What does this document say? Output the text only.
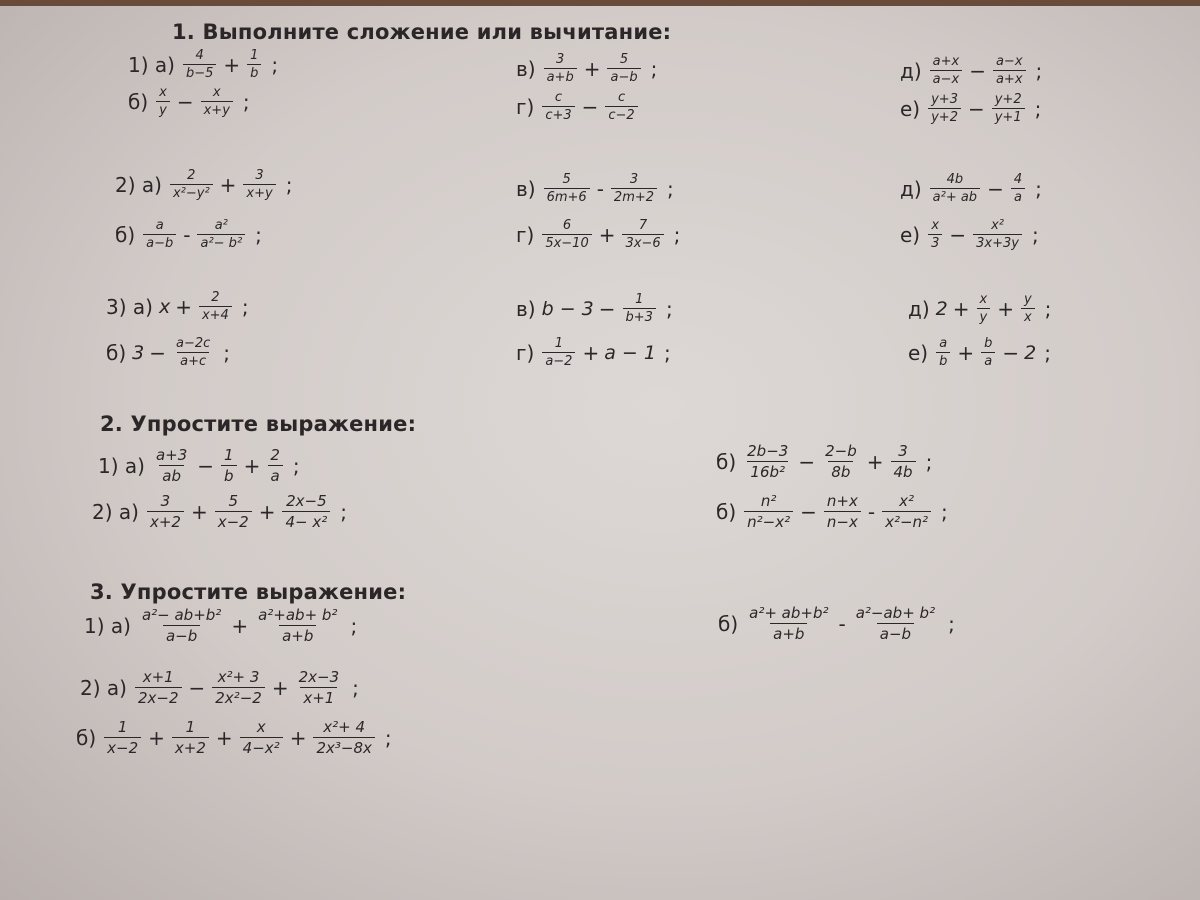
1. Выполните сложение или вычитание:
1) $а) \frac{4}{b-5} + \frac{1}{b}$ ;
$б) \frac{x}{y} - \frac{x}{x+y}$ ;
$в) \frac{3}{a+b} + \frac{5}{a-b}$ ;
$г) \frac{c}{c+3} - \frac{c}{c-2}$
$д) \frac{a+x}{a-x} - \frac{a-x}{a+x}$ ;
$е) \frac{y+3}{y+2} - \frac{y+2}{y+1}$ ;
2) $а) \frac{2}{\text{x²−y²}} + \frac{3}{x+y}$ ;
$б) \frac{a}{a-b} - \frac{\text{a²}}{\text{a²− b²}}$ ;
$в) \frac{5}{6m+6} - \frac{3}{2m+2}$ ;
$г) \frac{6}{5x-10} + \frac{7}{3x-6}$ ;
$д) \frac{4b}{\text{a²+ ab}} - \frac{4}{a}$ ;
$е) \frac{x}{3} - \frac{\text{x²}}{3x+3y}$ ;
3) а) $x + \frac{2}{x+4}$ ;
б) $3 - \frac{a-2c}{a+c}$ ;
в) $b - 3 - \frac{1}{b+3}$ ;
$г) \frac{1}{a-2} + a - 1$ ;
д) $2 + \frac{x}{y} + \frac{y}{x}$ ;
$е) \frac{a}{b} + \frac{b}{a} - 2$ ;
2. Упростите выражение:
1) $а) \frac{a+3}{ab} - \frac{1}{b} + \frac{2}{a}$ ;
2) $а) \frac{3}{x+2} + \frac{5}{x-2} + \frac{2x-5}{\text{4− x²}}$ ;
$б) \frac{2b-3}{\text{16b²}} - \frac{2-b}{8b} + \frac{3}{4b}$ ;
$б) \frac{\text{n²}}{\text{n²−x²}} - \frac{n+x}{n-x} - \frac{\text{x²}}{\text{x²−n²}}$ ;
3. Упростите выражение:
1) $а) \frac{\text{a²− ab+b²}}{a-b} + \frac{\text{a²+ab+ b²}}{a+b}$ ;
2) $а) \frac{x+1}{2x-2} - \frac{\text{x²+ 3}}{\text{2x²−2}} + \frac{2x-3}{x+1}$ ;
$б) \frac{1}{x-2} + \frac{1}{x+2} + \frac{x}{\text{4−x²}} + \frac{\text{x²+ 4}}{\text{2x³−8x}}$ ;
$б) \frac{\text{a²+ ab+b²}}{a+b} - \frac{\text{a²−ab+ b²}}{a-b}$ ;
